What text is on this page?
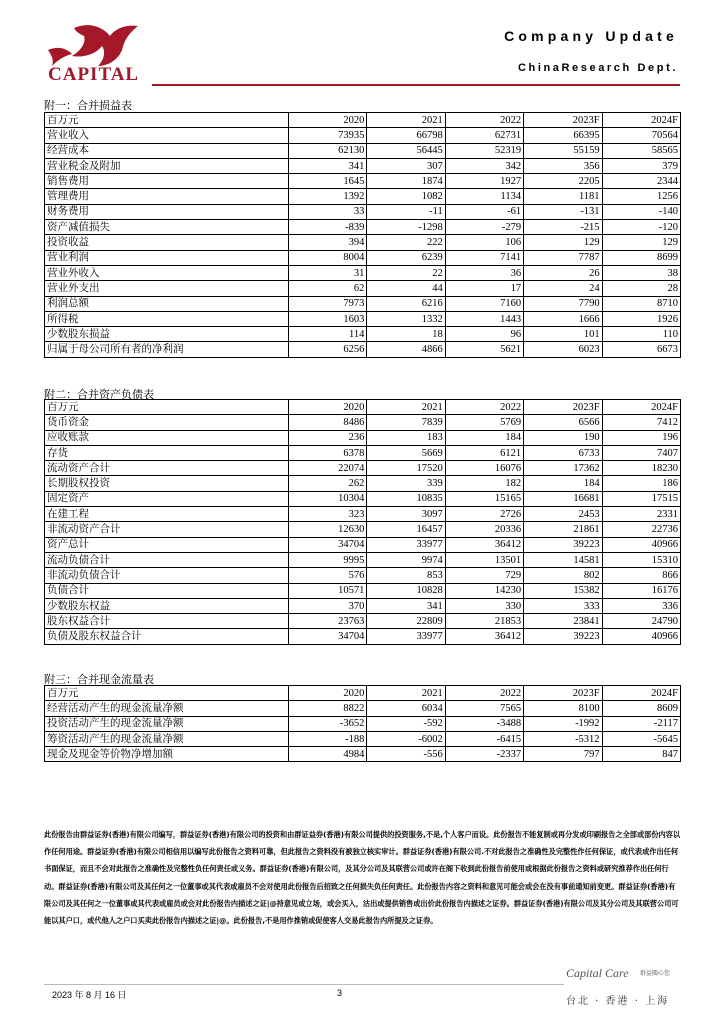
CAPITAL
Company Update
ChinaResearch Dept.
附一：合并损益表
百万元	2020	2021	2022	2023F	2024F
营业收入	73935	66798	62731	66395	70564
经营成本	62130	56445	52319	55159	58565
营业税金及附加	341	307	342	356	379
销售费用	1645	1874	1927	2205	2344
管理费用	1392	1082	1134	1181	1256
财务费用	33	-11	-61	-131	-140
资产减值损失	-839	-1298	-279	-215	-120
投资收益	394	222	106	129	129
营业利润	8004	6239	7141	7787	8699
营业外收入	31	22	36	26	38
营业外支出	62	44	17	24	28
利润总额	7973	6216	7160	7790	8710
所得税	1603	1332	1443	1666	1926
少数股东损益	114	18	96	101	110
归属于母公司所有者的净利润	6256	4866	5621	6023	6673
附二：合并资产负债表
百万元	2020	2021	2022	2023F	2024F
货币资金	8486	7839	5769	6566	7412
应收账款	236	183	184	190	196
存货	6378	5669	6121	6733	7407
流动资产合计	22074	17520	16076	17362	18230
长期股权投资	262	339	182	184	186
固定资产	10304	10835	15165	16681	17515
在建工程	323	3097	2726	2453	2331
非流动资产合计	12630	16457	20336	21861	22736
资产总计	34704	33977	36412	39223	40966
流动负债合计	9995	9974	13501	14581	15310
非流动负债合计	576	853	729	802	866
负债合计	10571	10828	14230	15382	16176
少数股东权益	370	341	330	333	336
股东权益合计	23763	22809	21853	23841	24790
负债及股东权益合计	34704	33977	36412	39223	40966
附三：合并现金流量表
百万元	2020	2021	2022	2023F	2024F
经营活动产生的现金流量净额	8822	6034	7565	8100	8609
投资活动产生的现金流量净额	-3652	-592	-3488	-1992	-2117
筹资活动产生的现金流量净额	-188	-6002	-6415	-5312	-5645
现金及现金等价物净增加额	4984	-556	-2337	797	847
此份报告由群益证券(香港)有限公司编写，群益证券(香港)有限公司的投资和由群证益券(香港)有限公司提供的投资服务,不是,个人客户而设。此份报告不能复制或再分发或印刷报告之全部或部份内容以作任何用途。群益证券(香港)有限公司相信用以编写此份报告之资料可靠，但此报告之资料没有被独立核实审计。群益证券(香港)有限公司.不对此报告之准确性及完整性作任何保证，或代表或作出任何书面保证，而且不会对此报告之准确性及完整性负任何责任或义务。群益证券(香港)有限公司，及其分公司及其联营公司或许在阁下收到此份报告前使用或根据此份报告之资料或研究推荐作出任何行动。群益证券(香港)有限公司及其任何之一位董事或其代表或雇员不会对使用此份报告后招致之任何损失负任何责任。此份报告内容之资料和意见可能会或会在没有事前通知前变更。群益证券(香港)有限公司及其任何之一位董事或其代表或雇员或会对此份报告内描述之证|@持意见或立场，或会买入，沽出或提供销售或出价此份报告内描述之证券。群益证券(香港)有限公司及其分公司及其联营公司可能以其户口，或代他人之户口买卖此份报告内描述之证|@。此份报告,不是用作推销或促使客人交易此报告内所提及之证券。
2023 年 8 月 16 日	3
Capital Care 群益關心您
台北 · 香港 · 上海
